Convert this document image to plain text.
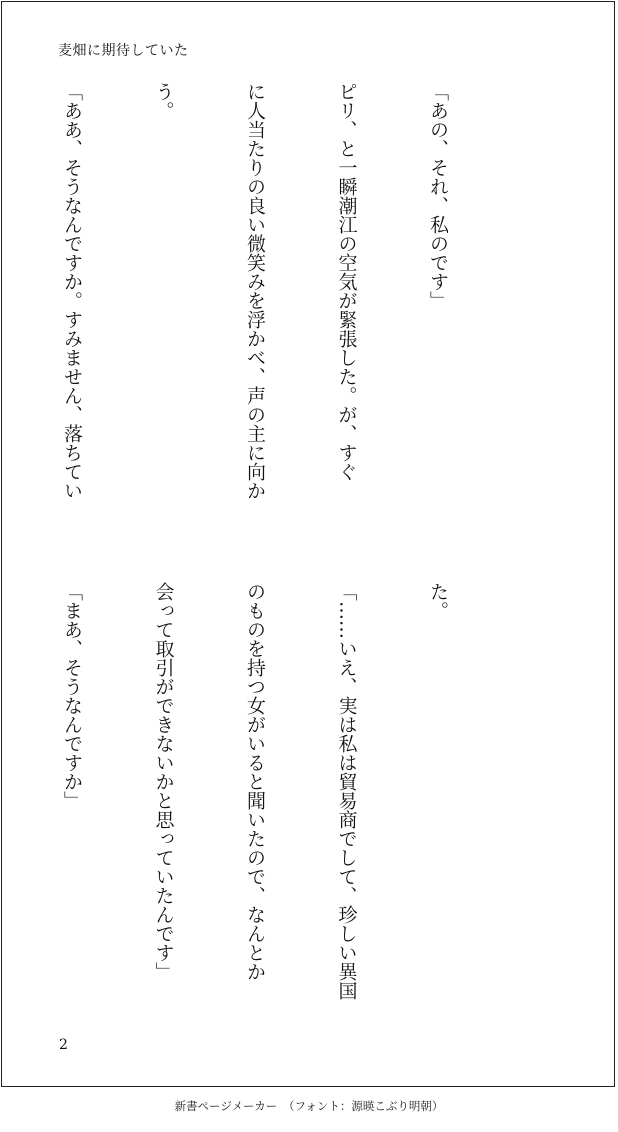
麦畑に期待していた

「あの、それ、私のです」

ピリ、と一瞬潮江の空気が緊張した。が、すぐ

に人当たりの良い微笑みを浮かべ、声の主に向か

う。

「ああ、そうなんですか。すみません、落ちてい

た。

「……いえ、実は私は貿易商でして、珍しい異国

のものを持つ女がいると聞いたので、なんとか

会って取引ができないかと思っていたんです」

「まあ、そうなんですか」

2
新書ページメーカー　（フォント：源暎こぶり明朝）
